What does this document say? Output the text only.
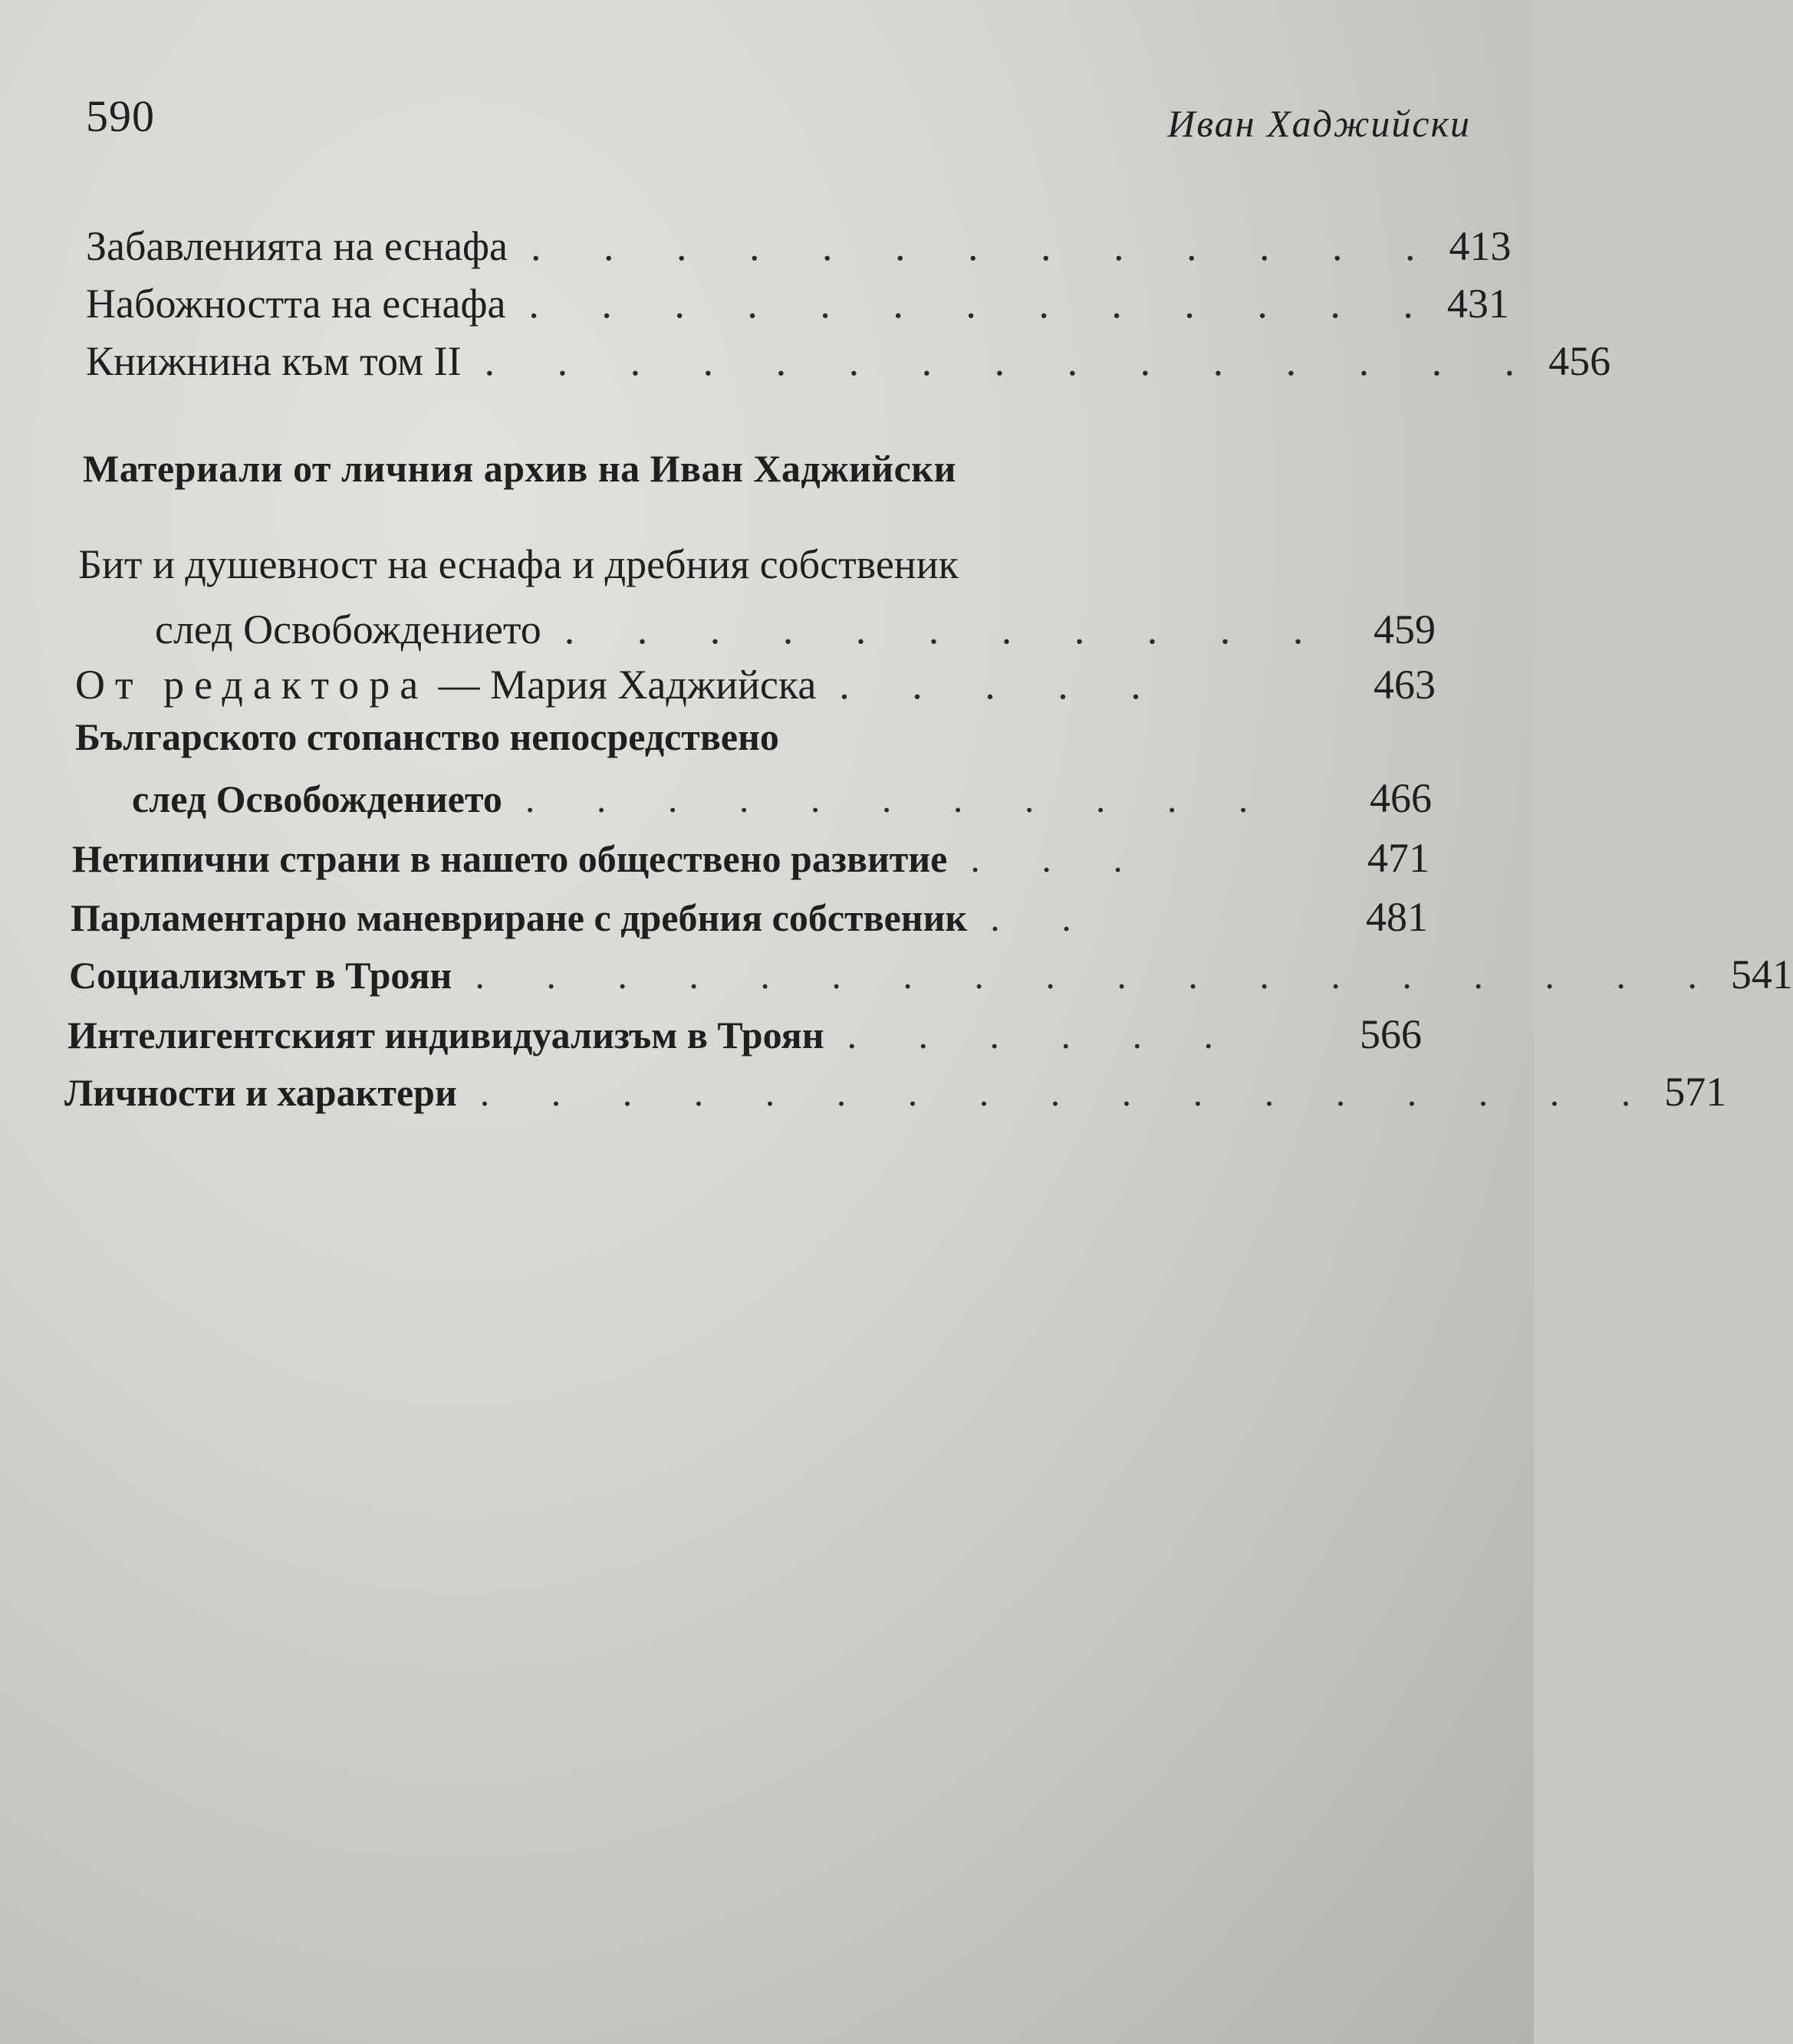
590	Иван Хаджийски
Забавленията на еснафа . . . . . . . . . . . . . 413
Набожността на еснафа . . . . . . . . . . . . . 431
Книжнина към том II . . . . . . . . . . . . . . . 456
Материали от личния архив на Иван Хаджийски
Бит и душевност на еснафа и дребния собственик
след Освобождението . . . . . . . . . . .	459
От редактора — Мария Хаджийска . . . . .	463
Българското стопанство непосредствено
след Освобождението . . . . . . . . . . .	466
Нетипични страни в нашето обществено развитие . . .	471
Парламентарно маневриране с дребния собственик . .	481
Социализмът в Троян . . . . . . . . . . . . . . . . . . 541
Интелигентският индивидуализъм в Троян . . . . . .	566
Личности и характери . . . . . . . . . . . . . . . . . 571
